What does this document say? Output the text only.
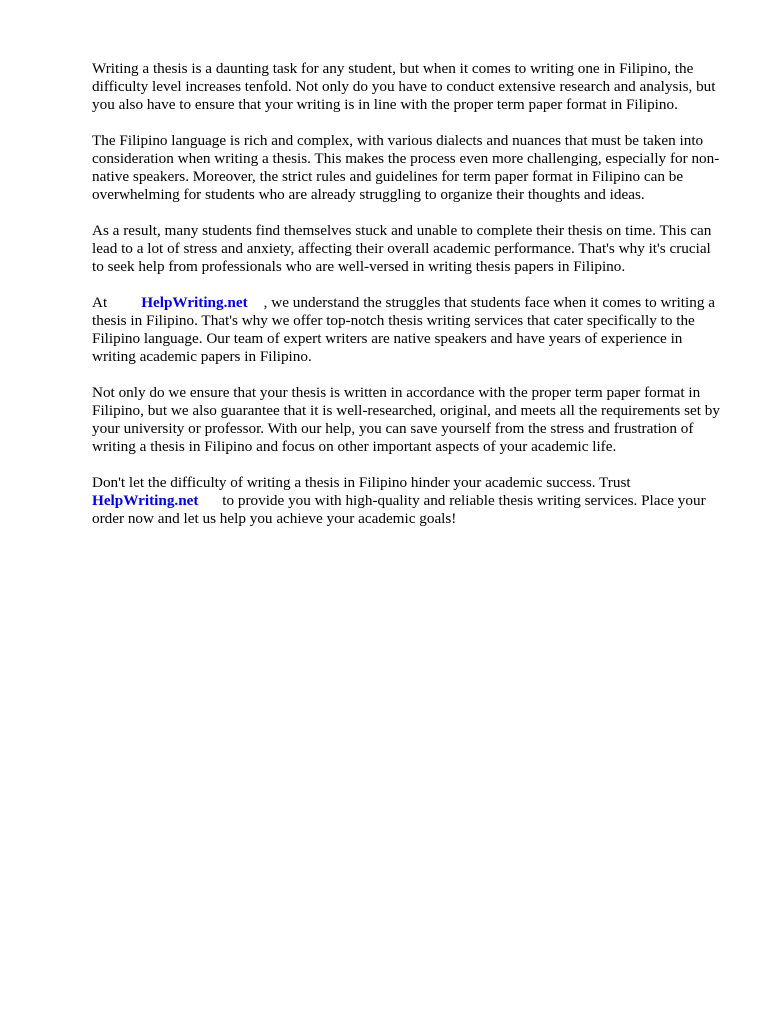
Writing a thesis is a daunting task for any student, but when it comes to writing one in Filipino, the difficulty level increases tenfold. Not only do you have to conduct extensive research and analysis, but you also have to ensure that your writing is in line with the proper term paper format in Filipino.

The Filipino language is rich and complex, with various dialects and nuances that must be taken into consideration when writing a thesis. This makes the process even more challenging, especially for non-native speakers. Moreover, the strict rules and guidelines for term paper format in Filipino can be overwhelming for students who are already struggling to organize their thoughts and ideas.

As a result, many students find themselves stuck and unable to complete their thesis on time. This can lead to a lot of stress and anxiety, affecting their overall academic performance. That's why it's crucial to seek help from professionals who are well-versed in writing thesis papers in Filipino.

At HelpWriting.net , we understand the struggles that students face when it comes to writing a thesis in Filipino. That's why we offer top-notch thesis writing services that cater specifically to the Filipino language. Our team of expert writers are native speakers and have years of experience in writing academic papers in Filipino.

Not only do we ensure that your thesis is written in accordance with the proper term paper format in Filipino, but we also guarantee that it is well-researched, original, and meets all the requirements set by your university or professor. With our help, you can save yourself from the stress and frustration of writing a thesis in Filipino and focus on other important aspects of your academic life.

Don't let the difficulty of writing a thesis in Filipino hinder your academic success. Trust
HelpWriting.net to provide you with high-quality and reliable thesis writing services. Place your order now and let us help you achieve your academic goals!
